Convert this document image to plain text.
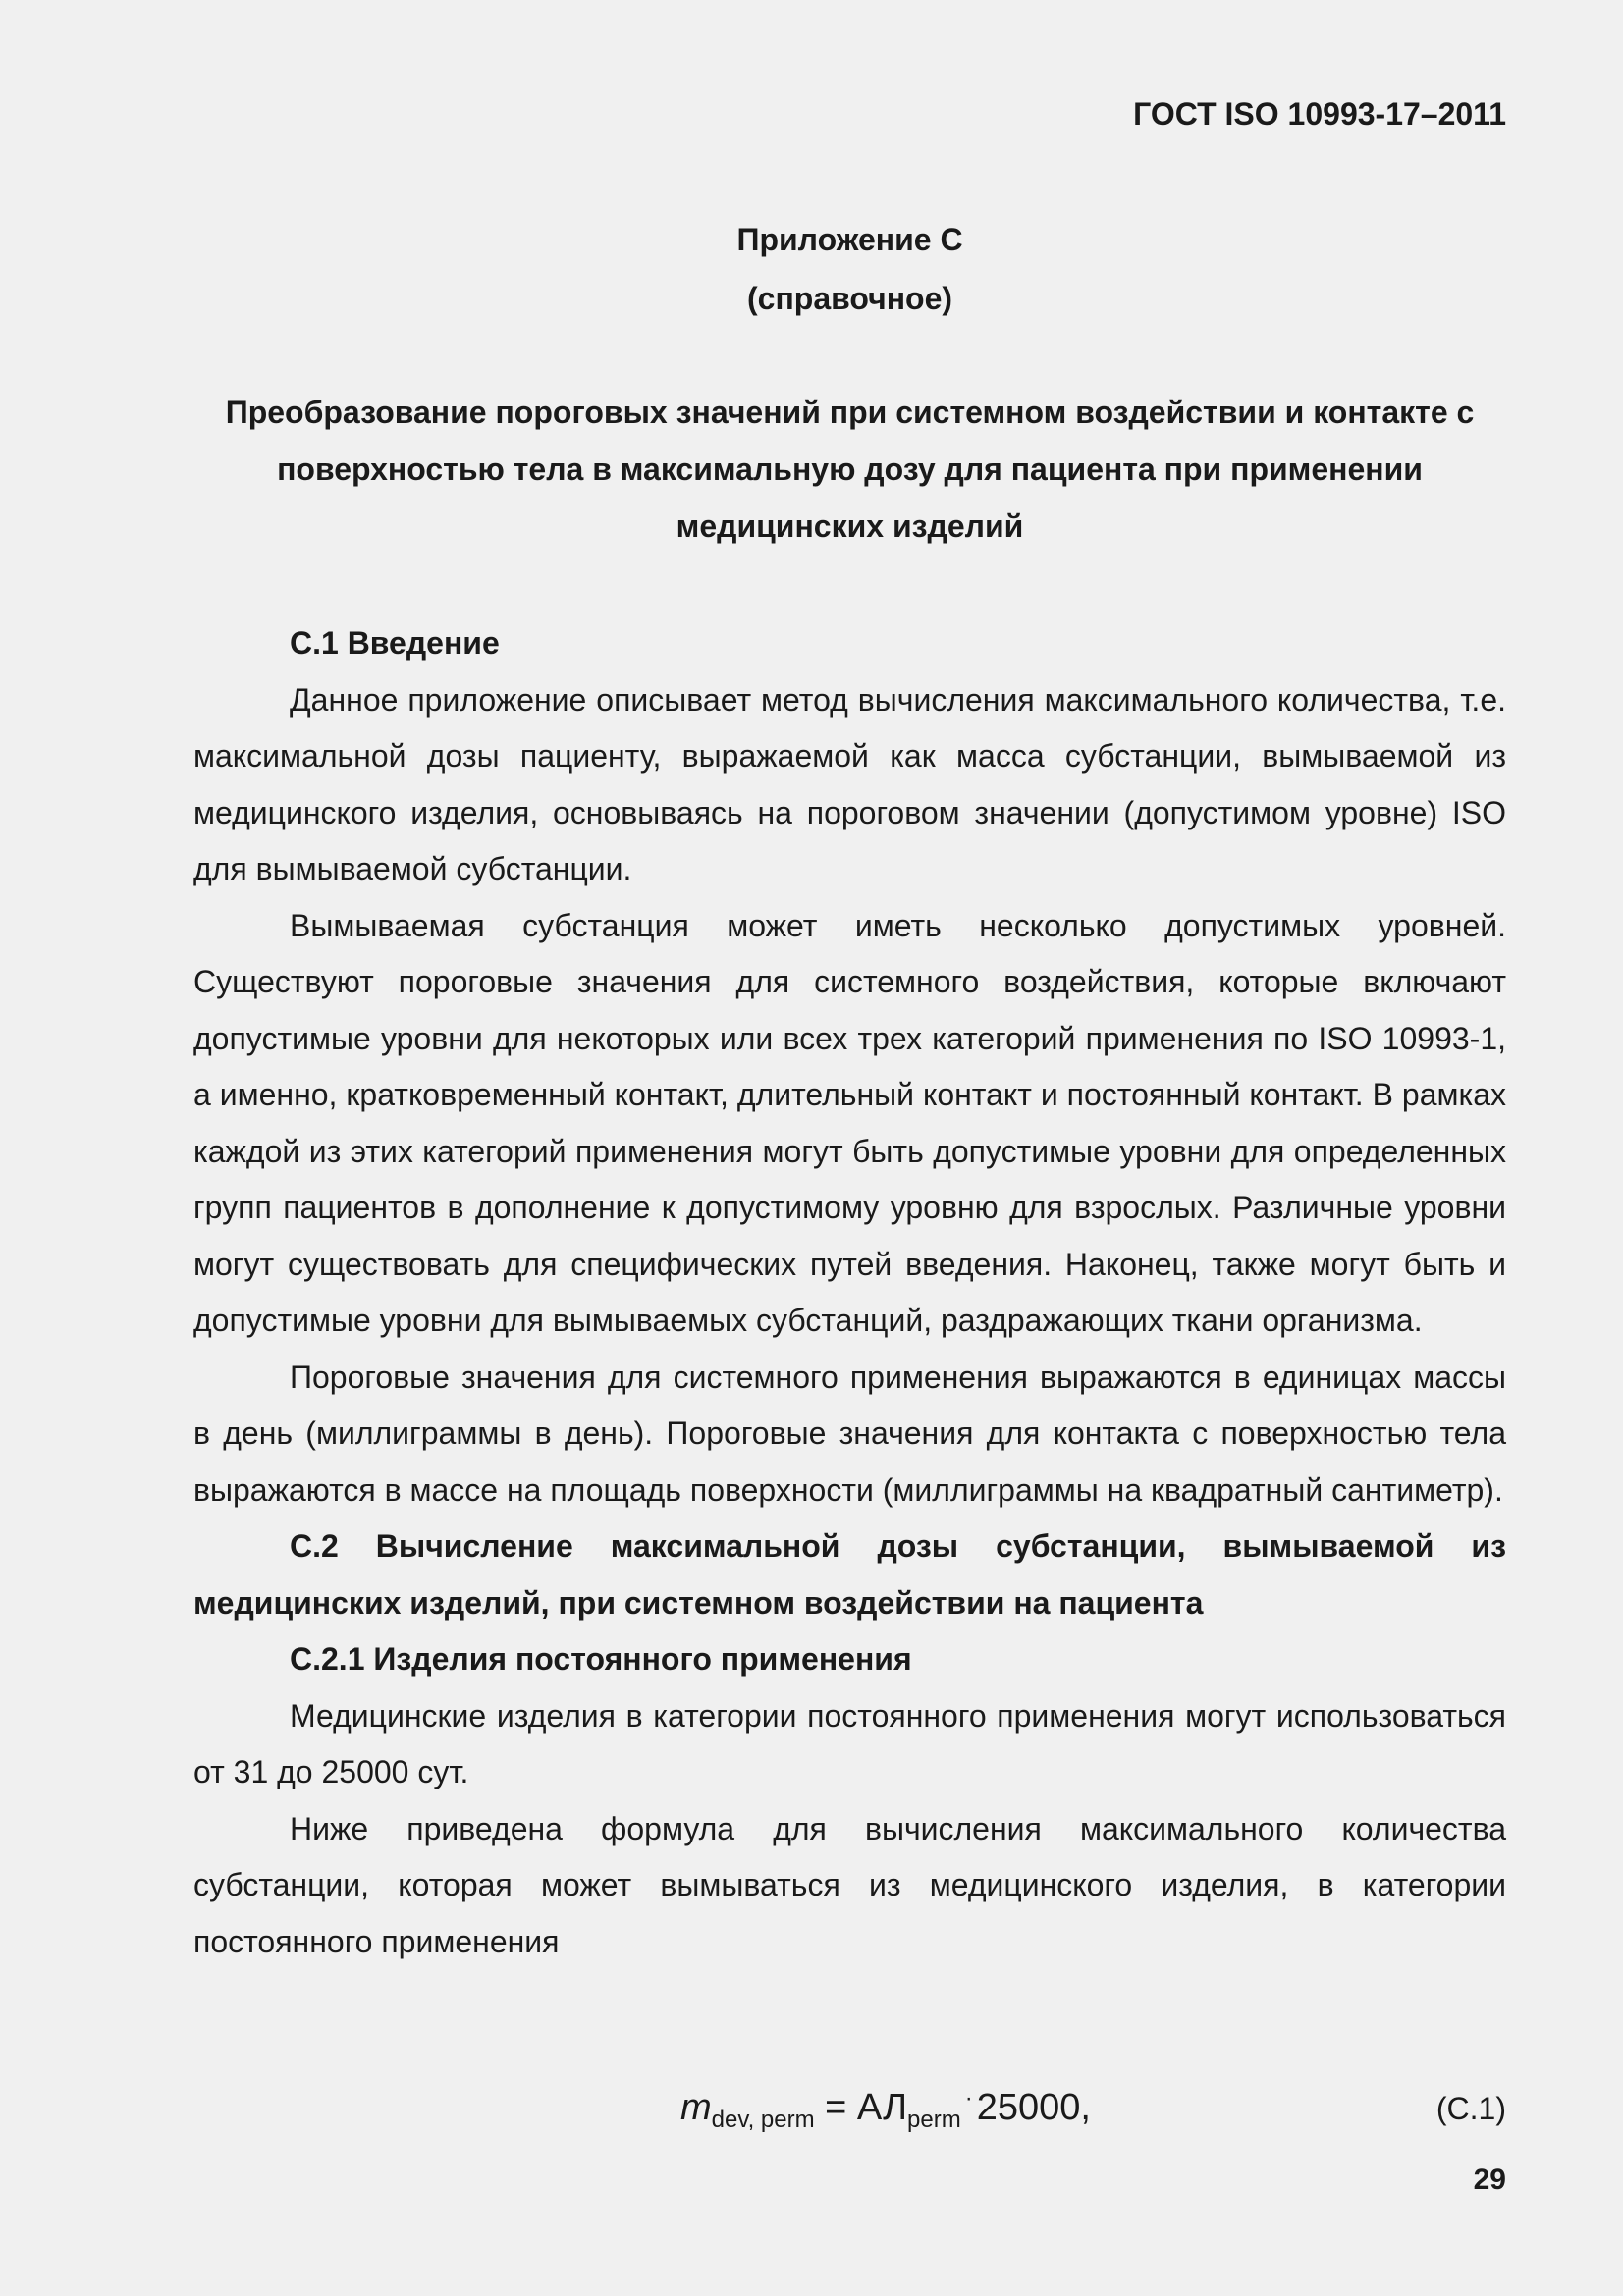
ГОСТ ISO 10993-17–2011
Приложение С
(справочное)
Преобразование пороговых значений при системном воздействии и контакте с
поверхностью тела в максимальную дозу для пациента при применении
медицинских изделий

С.1 Введение

Данное приложение описывает метод вычисления максимального количества, т.е. максимальной дозы пациенту, выражаемой как масса субстанции, вымываемой из медицинского изделия, основываясь на пороговом значении (допустимом уровне) ISO для вымываемой субстанции.

Вымываемая субстанция может иметь несколько допустимых уровней. Существуют пороговые значения для системного воздействия, которые включают допустимые уровни для некоторых или всех трех категорий применения по ISO 10993-1, а именно, кратковременный контакт, длительный контакт и постоянный контакт. В рамках каждой из этих категорий применения могут быть допустимые уровни для определенных групп пациентов в дополнение к допустимому уровню для взрослых. Различные уровни могут существовать для специфических путей введения. Наконец, также могут быть и допустимые уровни для вымываемых субстанций, раздражающих ткани организма.

Пороговые значения для системного применения выражаются в единицах массы в день (миллиграммы в день). Пороговые значения для контакта с поверхностью тела выражаются в массе на площадь поверхности (миллиграммы на квадратный сантиметр).

С.2 Вычисление максимальной дозы субстанции, вымываемой из медицинских изделий, при системном воздействии на пациента

С.2.1 Изделия постоянного применения

Медицинские изделия в категории постоянного применения могут использоваться от 31 до 25000 сут.

Ниже приведена формула для вычисления максимального количества субстанции, которая может вымываться из медицинского изделия, в категории постоянного применения

$m_{dev, perm} = АЛ_{perm}^\cdot$ 25000,	(С.1)
29
